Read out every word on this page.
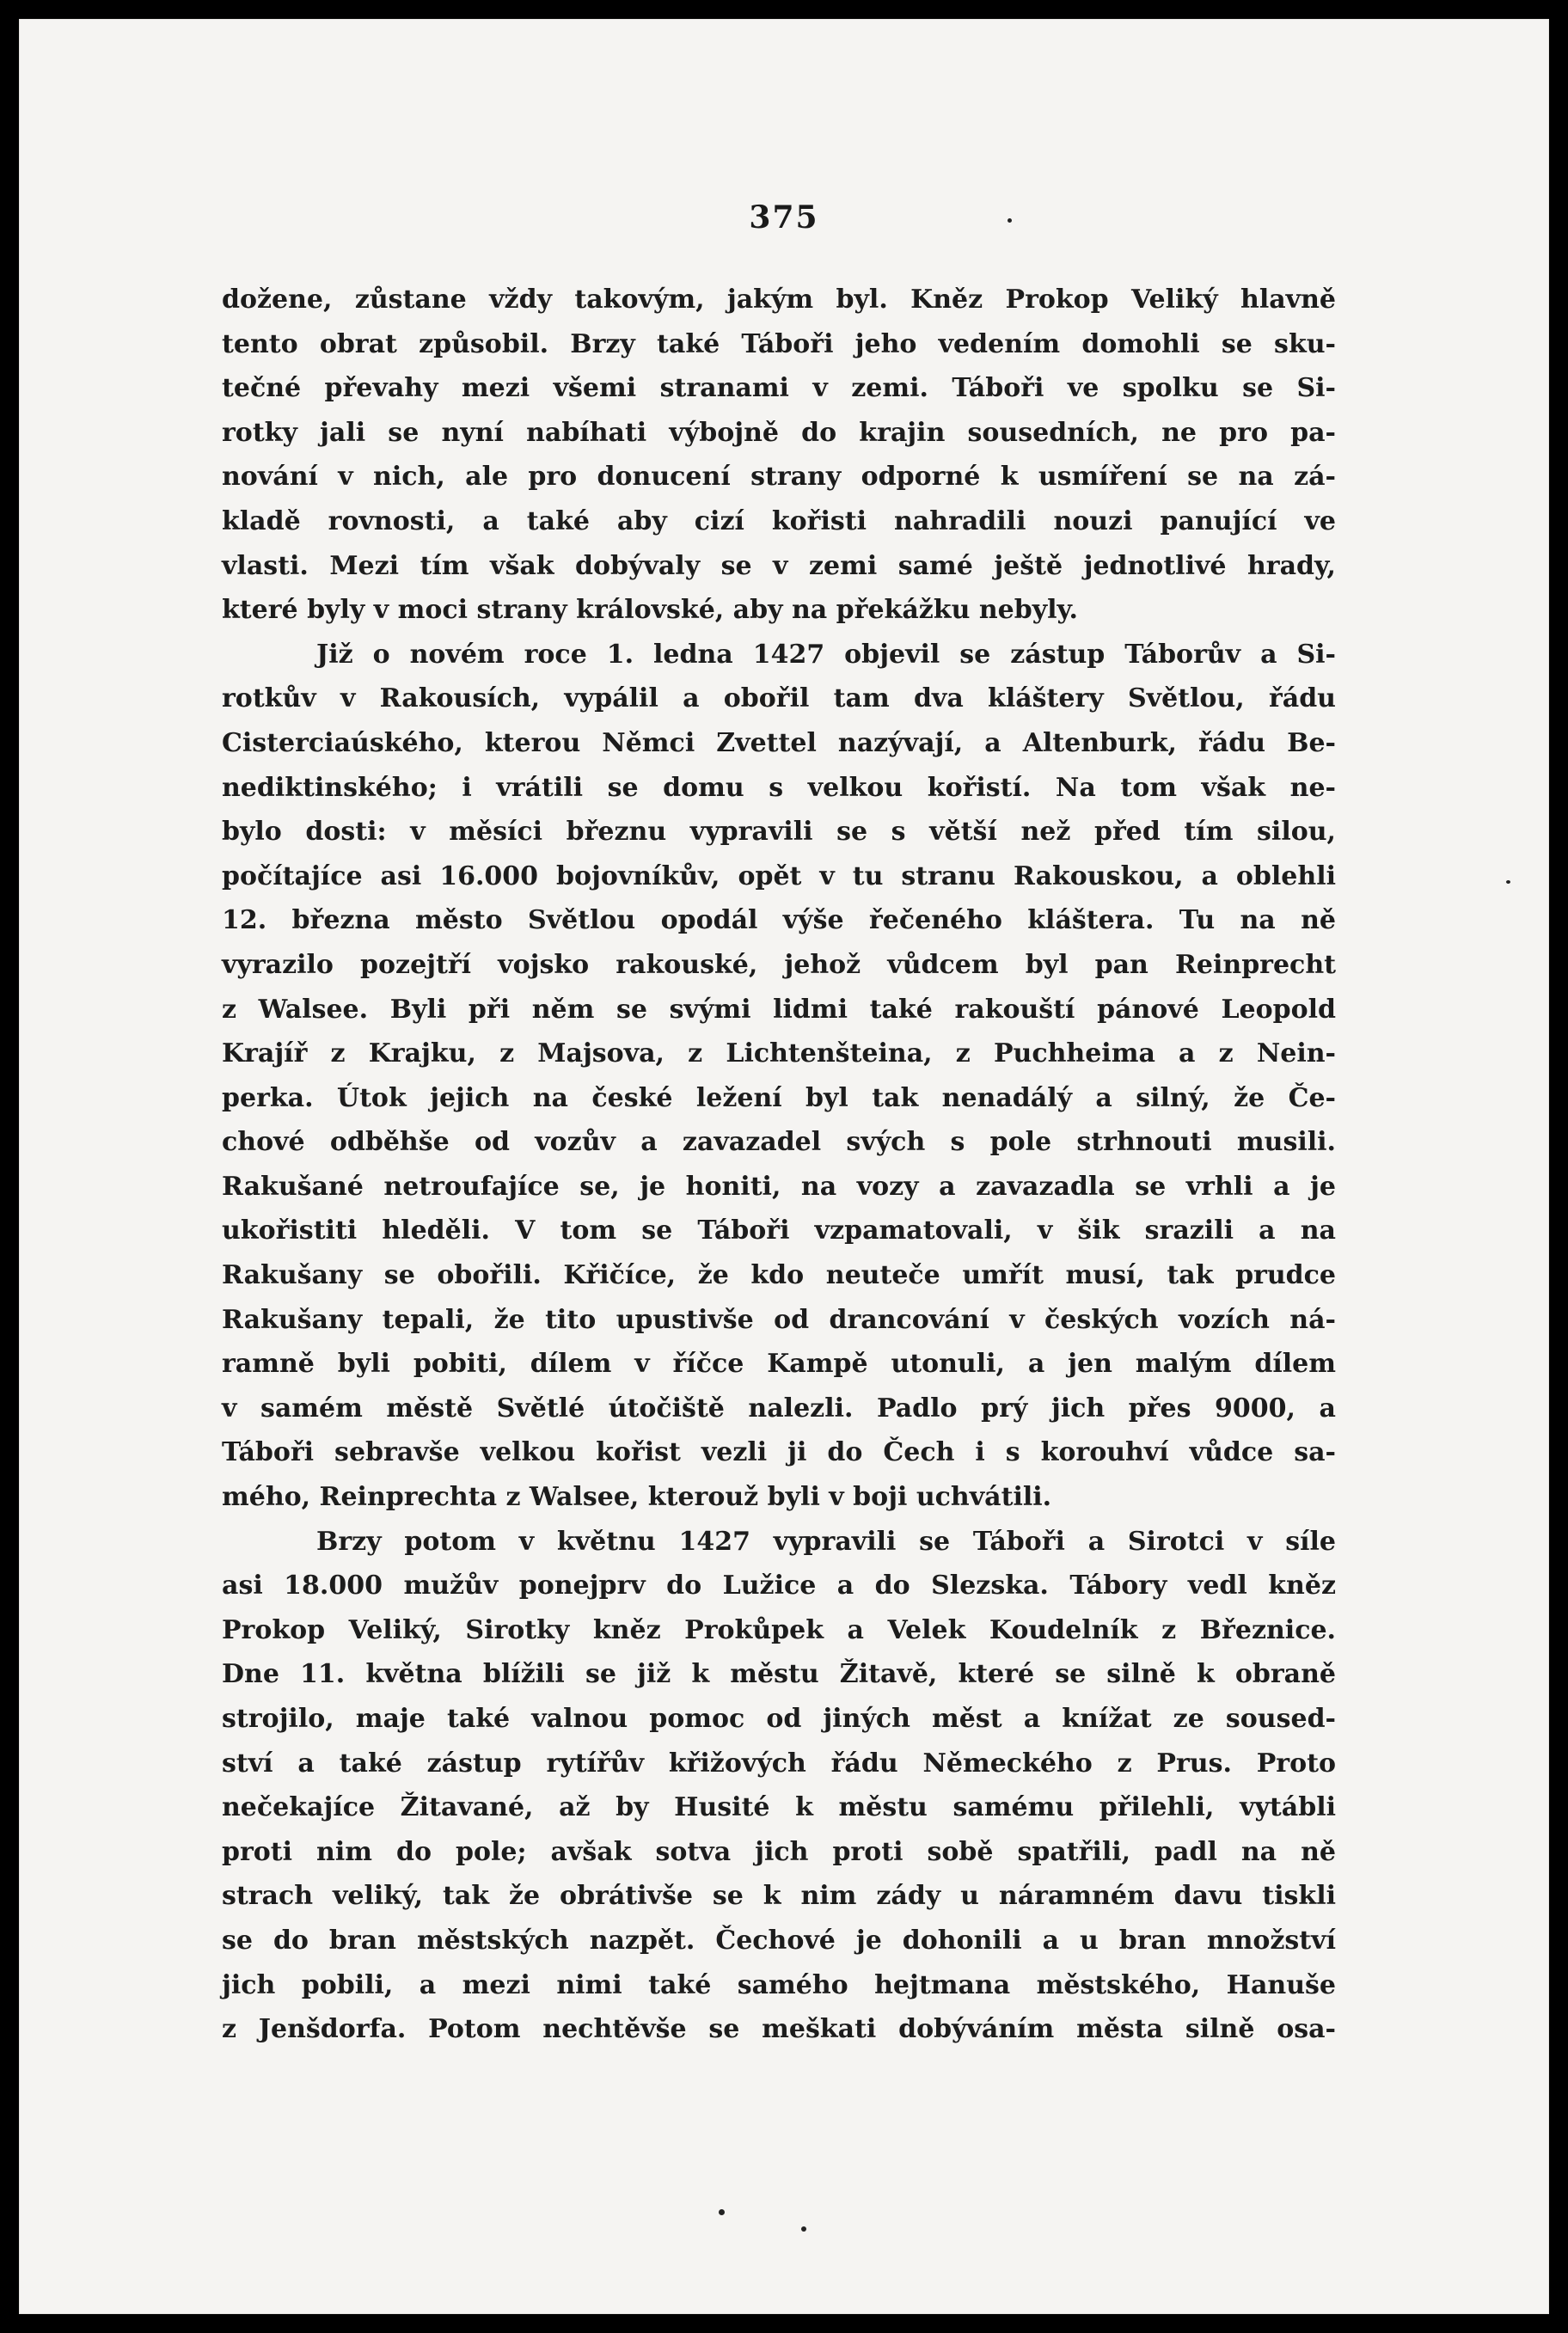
375
dožene, zůstane vždy takovým, jakým byl. Kněz Prokop Veliký hlavně
tento obrat způsobil. Brzy také Táboři jeho vedením domohli se sku-
tečné převahy mezi všemi stranami v zemi. Táboři ve spolku se Si-
rotky jali se nyní nabíhati výbojně do krajin sousedních, ne pro pa-
nování v nich, ale pro donucení strany odporné k usmíření se na zá-
kladě rovnosti, a také aby cizí kořisti nahradili nouzi panující ve
vlasti. Mezi tím však dobývaly se v zemi samé ještě jednotlivé hrady,
které byly v moci strany královské, aby na překážku nebyly.
Již o novém roce 1. ledna 1427 objevil se zástup Táborův a Si-
rotkův v Rakousích, vypálil a obořil tam dva kláštery Světlou, řádu
Cisterciaúského, kterou Němci Zvettel nazývají, a Altenburk, řádu Be-
nediktinského; i vrátili se domu s velkou kořistí. Na tom však ne-
bylo dosti: v měsíci březnu vypravili se s větší než před tím silou,
počítajíce asi 16.000 bojovníkův, opět v tu stranu Rakouskou, a oblehli
12. března město Světlou opodál výše řečeného kláštera. Tu na ně
vyrazilo pozejtří vojsko rakouské, jehož vůdcem byl pan Reinprecht
z Walsee. Byli při něm se svými lidmi také rakouští pánové Leopold
Krajíř z Krajku, z Majsova, z Lichtenšteina, z Puchheima a z Nein-
perka. Útok jejich na české ležení byl tak nenadálý a silný, že Če-
chové odběhše od vozův a zavazadel svých s pole strhnouti musili.
Rakušané netroufajíce se, je honiti, na vozy a zavazadla se vrhli a je
ukořistiti hleděli. V tom se Táboři vzpamatovali, v šik srazili a na
Rakušany se obořili. Křičíce, že kdo neuteče umřít musí, tak prudce
Rakušany tepali, že tito upustivše od drancování v českých vozích ná-
ramně byli pobiti, dílem v říčce Kampě utonuli, a jen malým dílem
v samém městě Světlé útočiště nalezli. Padlo prý jich přes 9000, a
Táboři sebravše velkou kořist vezli ji do Čech i s korouhví vůdce sa-
mého, Reinprechta z Walsee, kterouž byli v boji uchvátili.
Brzy potom v květnu 1427 vypravili se Táboři a Sirotci v síle
asi 18.000 mužův ponejprv do Lužice a do Slezska. Tábory vedl kněz
Prokop Veliký, Sirotky kněz Prokůpek a Velek Koudelník z Březnice.
Dne 11. května blížili se již k městu Žitavě, které se silně k obraně
strojilo, maje také valnou pomoc od jiných měst a knížat ze soused-
ství a také zástup rytířův křižových řádu Německého z Prus. Proto
nečekajíce Žitavané, až by Husité k městu samému přilehli, vytábli
proti nim do pole; avšak sotva jich proti sobě spatřili, padl na ně
strach veliký, tak že obrátivše se k nim zády u náramném davu tiskli
se do bran městských nazpět. Čechové je dohonili a u bran množství
jich pobili, a mezi nimi také samého hejtmana městského, Hanuše
z Jenšdorfa. Potom nechtěvše se meškati dobýváním města silně osa-
